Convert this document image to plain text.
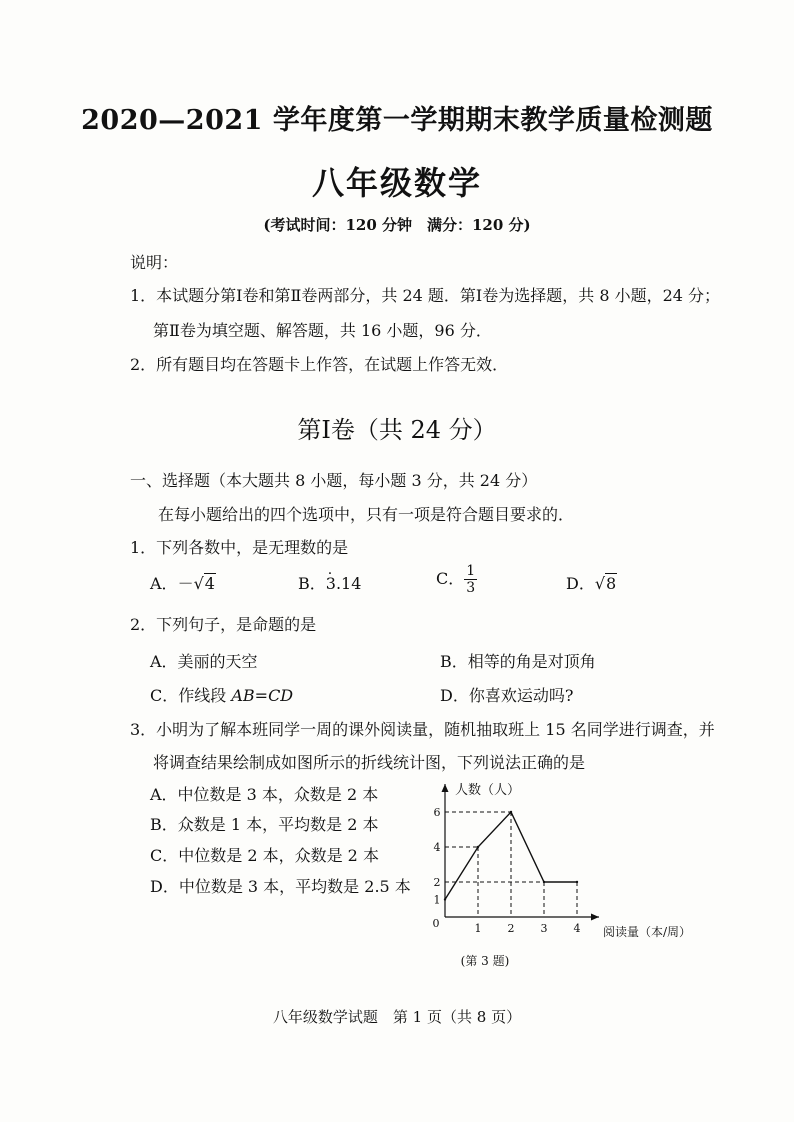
2020—2021 学年度第一学期期末教学质量检测题
八年级数学
(考试时间：120 分钟　满分：120 分)
说明：
1．本试题分第Ⅰ卷和第Ⅱ卷两部分，共 24 题．第Ⅰ卷为选择题，共 8 小题，24 分；
第Ⅱ卷为填空题、解答题，共 16 小题，96 分．
2．所有题目均在答题卡上作答，在试题上作答无效．
第Ⅰ卷（共 24 分）
一、选择题（本大题共 8 小题，每小题 3 分，共 24 分）
在每小题给出的四个选项中，只有一项是符合题目要求的．
1．下列各数中，是无理数的是
A．－√4	B．3.14 .	C． $\frac{1}{3}$	D．√8
2．下列句子，是命题的是
A．美丽的天空	B．相等的角是对顶角
C．作线段 AB=CD	D．你喜欢运动吗?
3．小明为了解本班同学一周的课外阅读量，随机抽取班上 15 名同学进行调查，并
将调查结果绘制成如图所示的折线统计图，下列说法正确的是
A．中位数是 3 本，众数是 2 本
B．众数是 1 本，平均数是 2 本
C．中位数是 2 本，众数是 2 本
D．中位数是 3 本，平均数是 2.5 本
0	1 2 3 4
1
2
4
6
人数（人）
阅读量（本/周）
(第 3 题)
八年级数学试题　第 1 页（共 8 页）
